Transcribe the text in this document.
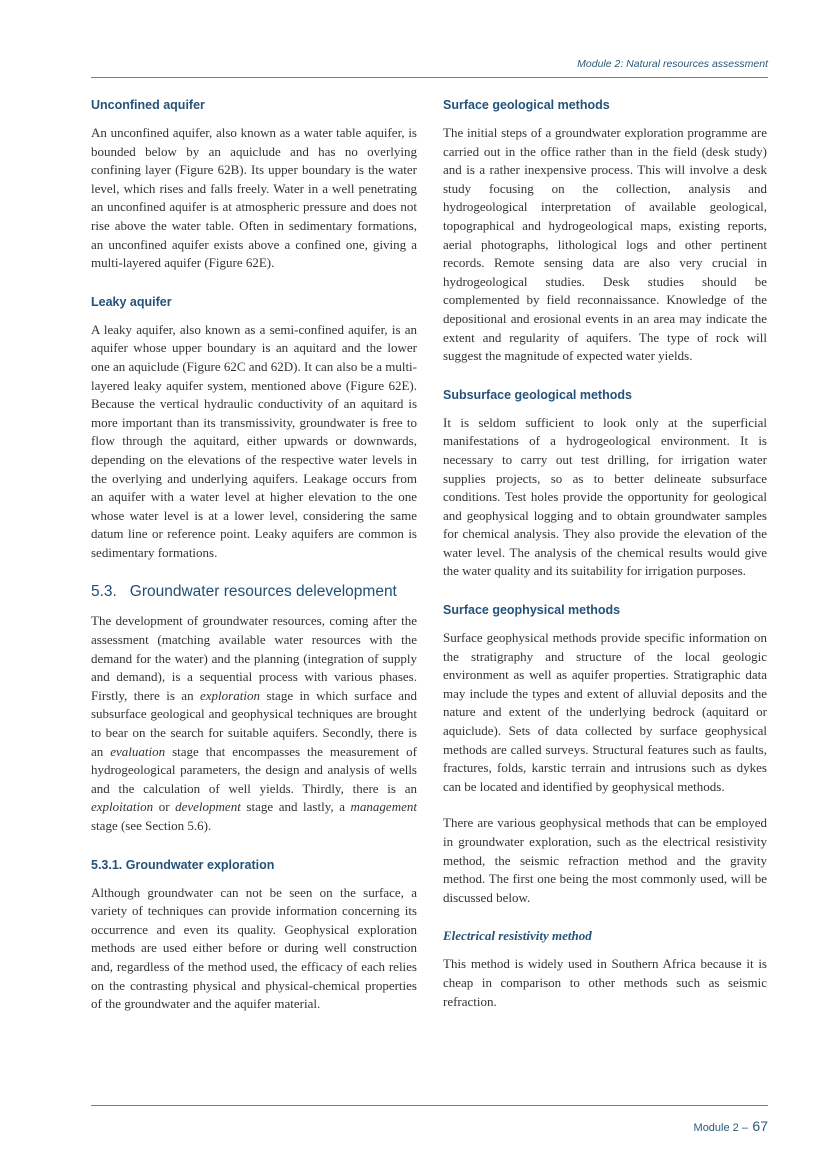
Module 2: Natural resources assessment
Unconfined aquifer

An unconfined aquifer, also known as a water table aquifer, is bounded below by an aquiclude and has no overlying confining layer (Figure 62B). Its upper boundary is the water level, which rises and falls freely. Water in a well penetrating an unconfined aquifer is at atmospheric pressure and does not rise above the water table. Often in sedimentary formations, an unconfined aquifer exists above a confined one, giving a multi-layered aquifer (Figure 62E).

Leaky aquifer

A leaky aquifer, also known as a semi-confined aquifer, is an aquifer whose upper boundary is an aquitard and the lower one an aquiclude (Figure 62C and 62D). It can also be a multi-layered leaky aquifer system, mentioned above (Figure 62E). Because the vertical hydraulic conductivity of an aquitard is more important than its transmissivity, groundwater is free to flow through the aquitard, either upwards or downwards, depending on the elevations of the respective water levels in the overlying and underlying aquifers. Leakage occurs from an aquifer with a water level at higher elevation to the one whose water level is at a lower level, considering the same datum line or reference point. Leaky aquifers are common is sedimentary formations.

5.3. Groundwater resources delevelopment

The development of groundwater resources, coming after the assessment (matching available water resources with the demand for the water) and the planning (integration of supply and demand), is a sequential process with various phases. Firstly, there is an exploration stage in which surface and subsurface geological and geophysical techniques are brought to bear on the search for suitable aquifers. Secondly, there is an evaluation stage that encompasses the measurement of hydrogeological parameters, the design and analysis of wells and the calculation of well yields. Thirdly, there is an exploitation or development stage and lastly, a management stage (see Section 5.6).

5.3.1. Groundwater exploration

Although groundwater can not be seen on the surface, a variety of techniques can provide information concerning its occurrence and even its quality. Geophysical exploration methods are used either before or during well construction and, regardless of the method used, the efficacy of each relies on the contrasting physical and physical-chemical properties of the groundwater and the aquifer material.

Surface geological methods

The initial steps of a groundwater exploration programme are carried out in the office rather than in the field (desk study) and is a rather inexpensive process. This will involve a desk study focusing on the collection, analysis and hydrogeological interpretation of available geological, topographical and hydrogeological maps, existing reports, aerial photographs, lithological logs and other pertinent records. Remote sensing data are also very crucial in hydrogeological studies. Desk studies should be complemented by field reconnaissance. Knowledge of the depositional and erosional events in an area may indicate the extent and regularity of aquifers. The type of rock will suggest the magnitude of expected water yields.

Subsurface geological methods

It is seldom sufficient to look only at the superficial manifestations of a hydrogeological environment. It is necessary to carry out test drilling, for irrigation water supplies projects, so as to better delineate subsurface conditions. Test holes provide the opportunity for geological and geophysical logging and to obtain groundwater samples for chemical analysis. They also provide the elevation of the water level. The analysis of the chemical results would give the water quality and its suitability for irrigation purposes.

Surface geophysical methods

Surface geophysical methods provide specific information on the stratigraphy and structure of the local geologic environment as well as aquifer properties. Stratigraphic data may include the types and extent of alluvial deposits and the nature and extent of the underlying bedrock (aquitard or aquiclude). Sets of data collected by surface geophysical methods are called surveys. Structural features such as faults, fractures, folds, karstic terrain and intrusions such as dykes can be located and identified by geophysical methods.

There are various geophysical methods that can be employed in groundwater exploration, such as the electrical resistivity method, the seismic refraction method and the gravity method. The first one being the most commonly used, will be discussed below.

Electrical resistivity method

This method is widely used in Southern Africa because it is cheap in comparison to other methods such as seismic refraction.

Module 2 – 67
